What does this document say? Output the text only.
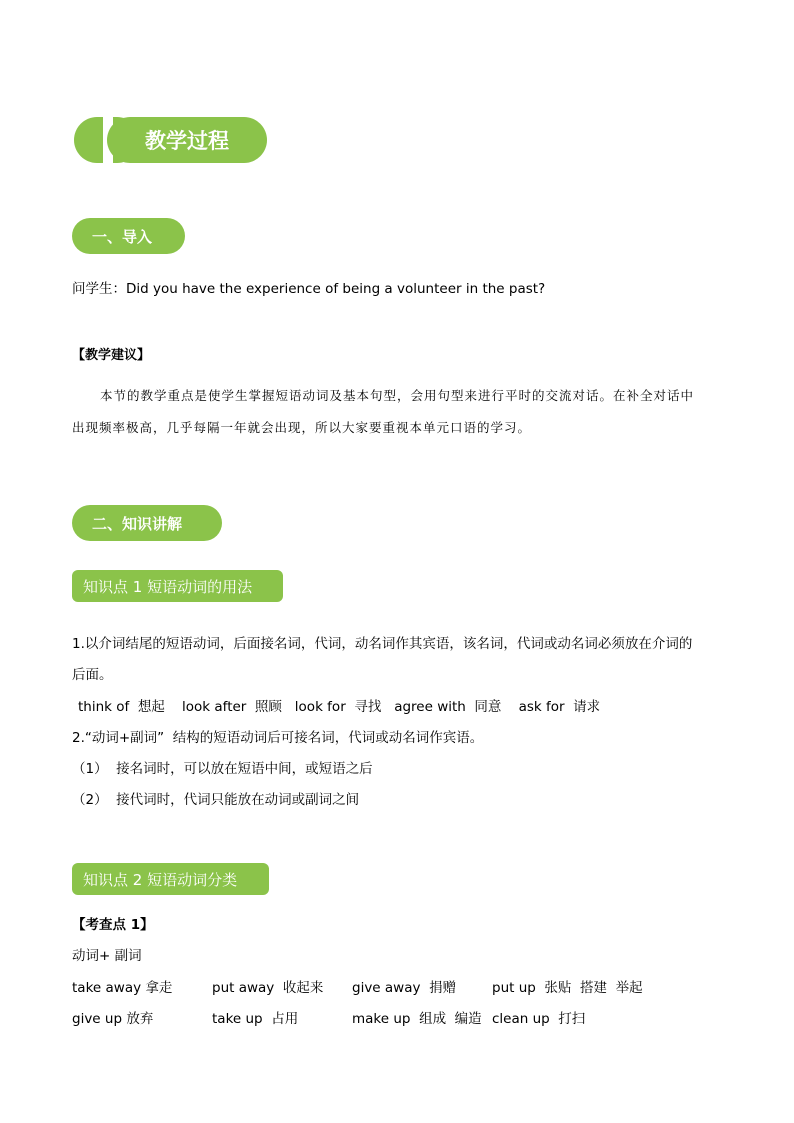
教学过程
一、导入
问学生：Did you have the experience of being a volunteer in the past?
【教学建议】
本节的教学重点是使学生掌握短语动词及基本句型，会用句型来进行平时的交流对话。在补全对话中
出现频率极高，几乎每隔一年就会出现，所以大家要重视本单元口语的学习。
二、知识讲解
知识点 1 短语动词的用法
1.以介词结尾的短语动词，后面接名词，代词，动名词作其宾语，该名词，代词或动名词必须放在介词的
后面。
think of  想起    look after  照顾   look for  寻找   agree with  同意    ask for  请求
2.“动词+副词”  结构的短语动词后可接名词，代词或动名词作宾语。
（1）  接名词时，可以放在短语中间，或短语之后
（2）  接代词时，代词只能放在动词或副词之间
知识点 2 短语动词分类
【考查点 1】
动词+ 副词
take away 拿走	put away  收起来 give away  捐赠	put up  张贴  搭建  举起
give up 放弃	take up  占用	make up  组成  编造 clean up  打扫
